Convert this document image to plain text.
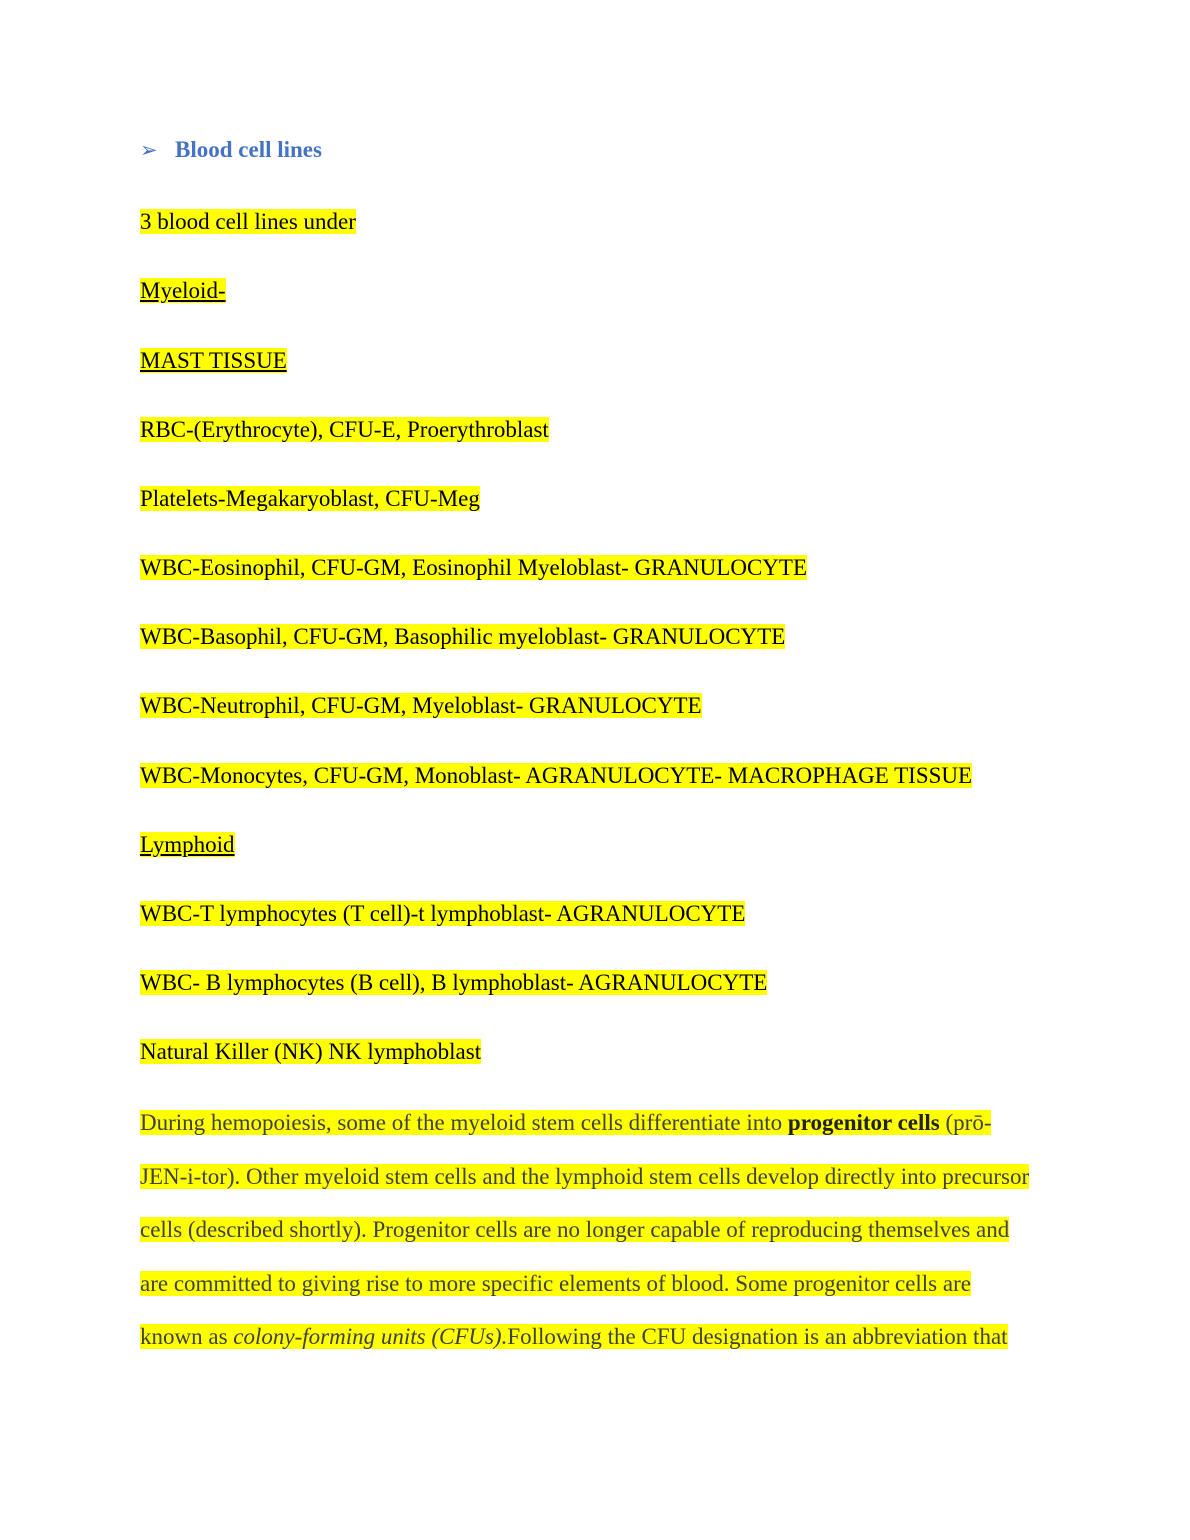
➢ Blood cell lines
3 blood cell lines under
Myeloid-
MAST TISSUE
RBC-(Erythrocyte), CFU-E, Proerythroblast
Platelets-Megakaryoblast, CFU-Meg
WBC-Eosinophil, CFU-GM, Eosinophil Myeloblast- GRANULOCYTE
WBC-Basophil, CFU-GM, Basophilic myeloblast- GRANULOCYTE
WBC-Neutrophil, CFU-GM, Myeloblast- GRANULOCYTE
WBC-Monocytes, CFU-GM, Monoblast- AGRANULOCYTE- MACROPHAGE TISSUE
Lymphoid
WBC-T lymphocytes (T cell)-t lymphoblast- AGRANULOCYTE
WBC- B lymphocytes (B cell), B lymphoblast- AGRANULOCYTE
Natural Killer (NK) NK lymphoblast
During hemopoiesis, some of the myeloid stem cells differentiate into progenitor cells (prō-
JEN-i-tor). Other myeloid stem cells and the lymphoid stem cells develop directly into precursor
cells (described shortly). Progenitor cells are no longer capable of reproducing themselves and
are committed to giving rise to more specific elements of blood. Some progenitor cells are
known as colony-forming units (CFUs).Following the CFU designation is an abbreviation that
